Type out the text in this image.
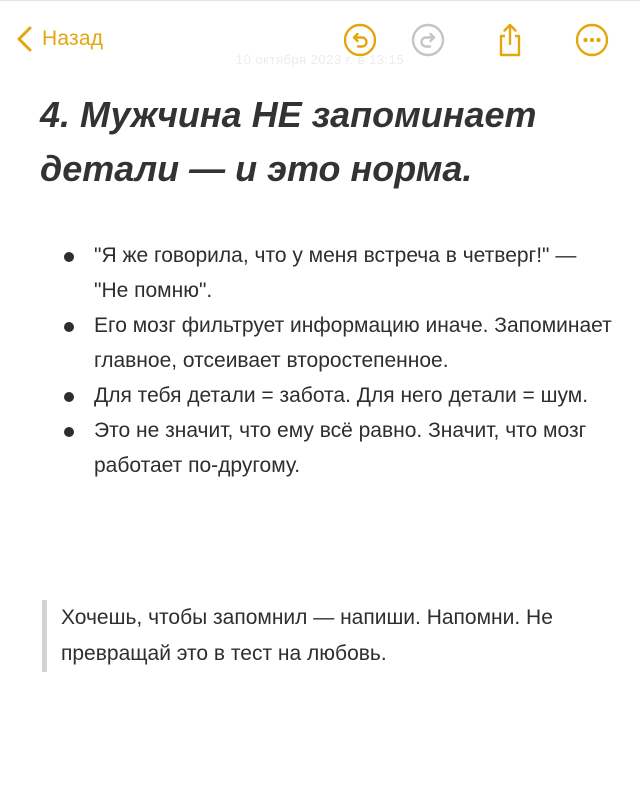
Назад
10 октября 2023 г. в 13:15
4. Мужчина НЕ запоминает детали — и это норма.
"Я же говорила, что у меня встреча в четверг!" — "Не помню".
Его мозг фильтрует информацию иначе. Запоминает главное, отсеивает второстепенное.
Для тебя детали = забота. Для него детали = шум.
Это не значит, что ему всё равно. Значит, что мозг работает по-другому.

Хочешь, чтобы запомнил — напиши. Напомни. Не превращай это в тест на любовь.
